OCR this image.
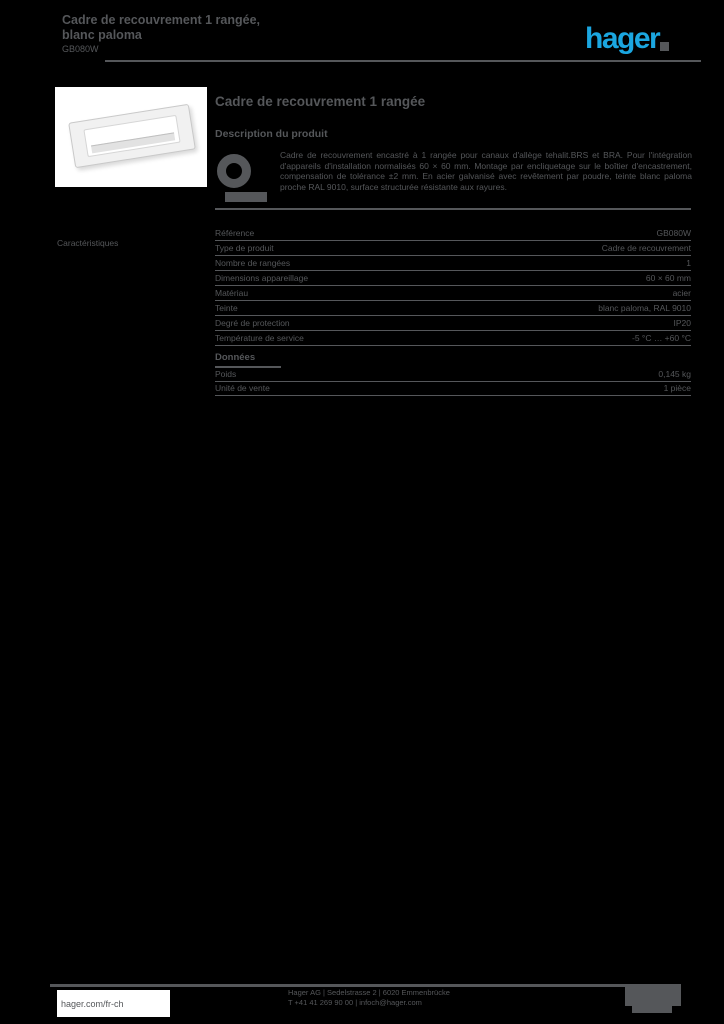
Cadre de recouvrement 1 rangée,
blanc paloma
GB080W	hager
Cadre de recouvrement 1 rangée
Description du produit
Cadre de recouvrement encastré à 1 rangée pour canaux d'allège tehalit.BRS et BRA. Pour l'intégration d'appareils d'installation normalisés 60 × 60 mm. Montage par encliquetage sur le boîtier d'encastrement, compensation de tolérance ±2 mm. En acier galvanisé avec revêtement par poudre, teinte blanc paloma proche RAL 9010, surface structurée résistante aux rayures.
Caractéristiques
Référence	GB080W
Type de produit	Cadre de recouvrement
Nombre de rangées	1
Dimensions appareillage	60 × 60 mm
Matériau	acier
Teinte	blanc paloma, RAL 9010
Degré de protection	IP20
Température de service	-5 °C … +60 °C
Données
Poids	0,145 kg
Unité de vente	1 pièce
hager.com/fr-ch
Hager AG | Sedelstrasse 2 | 6020 Emmenbrücke
T +41 41 269 90 00 | infoch@hager.com
